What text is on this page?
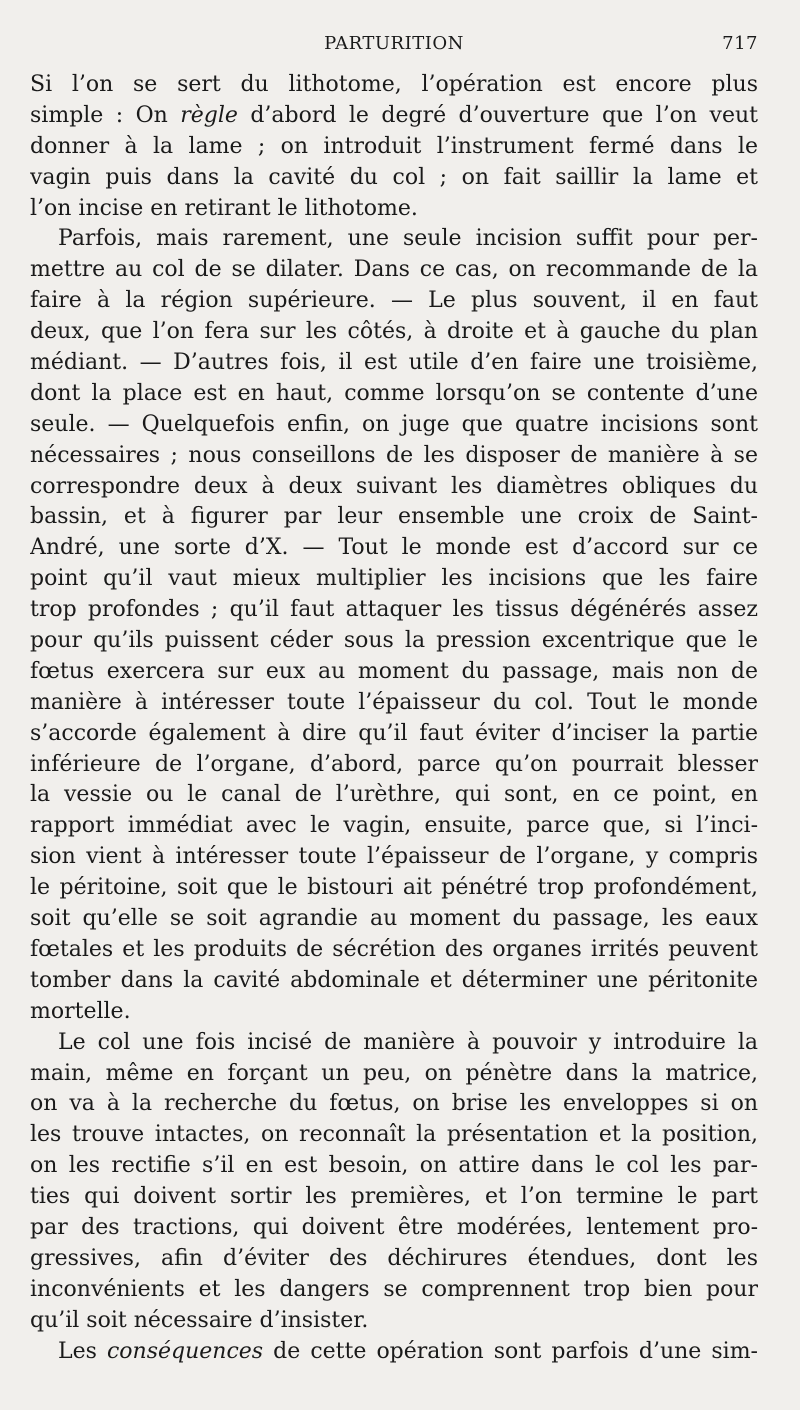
PARTURITION	717
Si l’on se sert du lithotome, l’opération est encore plus
simple : On règle d’abord le degré d’ouverture que l’on veut
donner à la lame ; on introduit l’instrument fermé dans le
vagin puis dans la cavité du col ; on fait saillir la lame et
l’on incise en retirant le lithotome.
Parfois, mais rarement, une seule incision suffit pour per-
mettre au col de se dilater. Dans ce cas, on recommande de la
faire à la région supérieure. — Le plus souvent, il en faut
deux, que l’on fera sur les côtés, à droite et à gauche du plan
médiant. — D’autres fois, il est utile d’en faire une troisième,
dont la place est en haut, comme lorsqu’on se contente d’une
seule. — Quelquefois enfin, on juge que quatre incisions sont
nécessaires ; nous conseillons de les disposer de manière à se
correspondre deux à deux suivant les diamètres obliques du
bassin, et à figurer par leur ensemble une croix de Saint-
André, une sorte d’X. — Tout le monde est d’accord sur ce
point qu’il vaut mieux multiplier les incisions que les faire
trop profondes ; qu’il faut attaquer les tissus dégénérés assez
pour qu’ils puissent céder sous la pression excentrique que le
fœtus exercera sur eux au moment du passage, mais non de
manière à intéresser toute l’épaisseur du col. Tout le monde
s’accorde également à dire qu’il faut éviter d’inciser la partie
inférieure de l’organe, d’abord, parce qu’on pourrait blesser
la vessie ou le canal de l’urèthre, qui sont, en ce point, en
rapport immédiat avec le vagin, ensuite, parce que, si l’inci-
sion vient à intéresser toute l’épaisseur de l’organe, y compris
le péritoine, soit que le bistouri ait pénétré trop profondément,
soit qu’elle se soit agrandie au moment du passage, les eaux
fœtales et les produits de sécrétion des organes irrités peuvent
tomber dans la cavité abdominale et déterminer une péritonite
mortelle.
Le col une fois incisé de manière à pouvoir y introduire la
main, même en forçant un peu, on pénètre dans la matrice,
on va à la recherche du fœtus, on brise les enveloppes si on
les trouve intactes, on reconnaît la présentation et la position,
on les rectifie s’il en est besoin, on attire dans le col les par-
ties qui doivent sortir les premières, et l’on termine le part
par des tractions, qui doivent être modérées, lentement pro-
gressives, afin d’éviter des déchirures étendues, dont les
inconvénients et les dangers se comprennent trop bien pour
qu’il soit nécessaire d’insister.
Les conséquences de cette opération sont parfois d’une sim-
